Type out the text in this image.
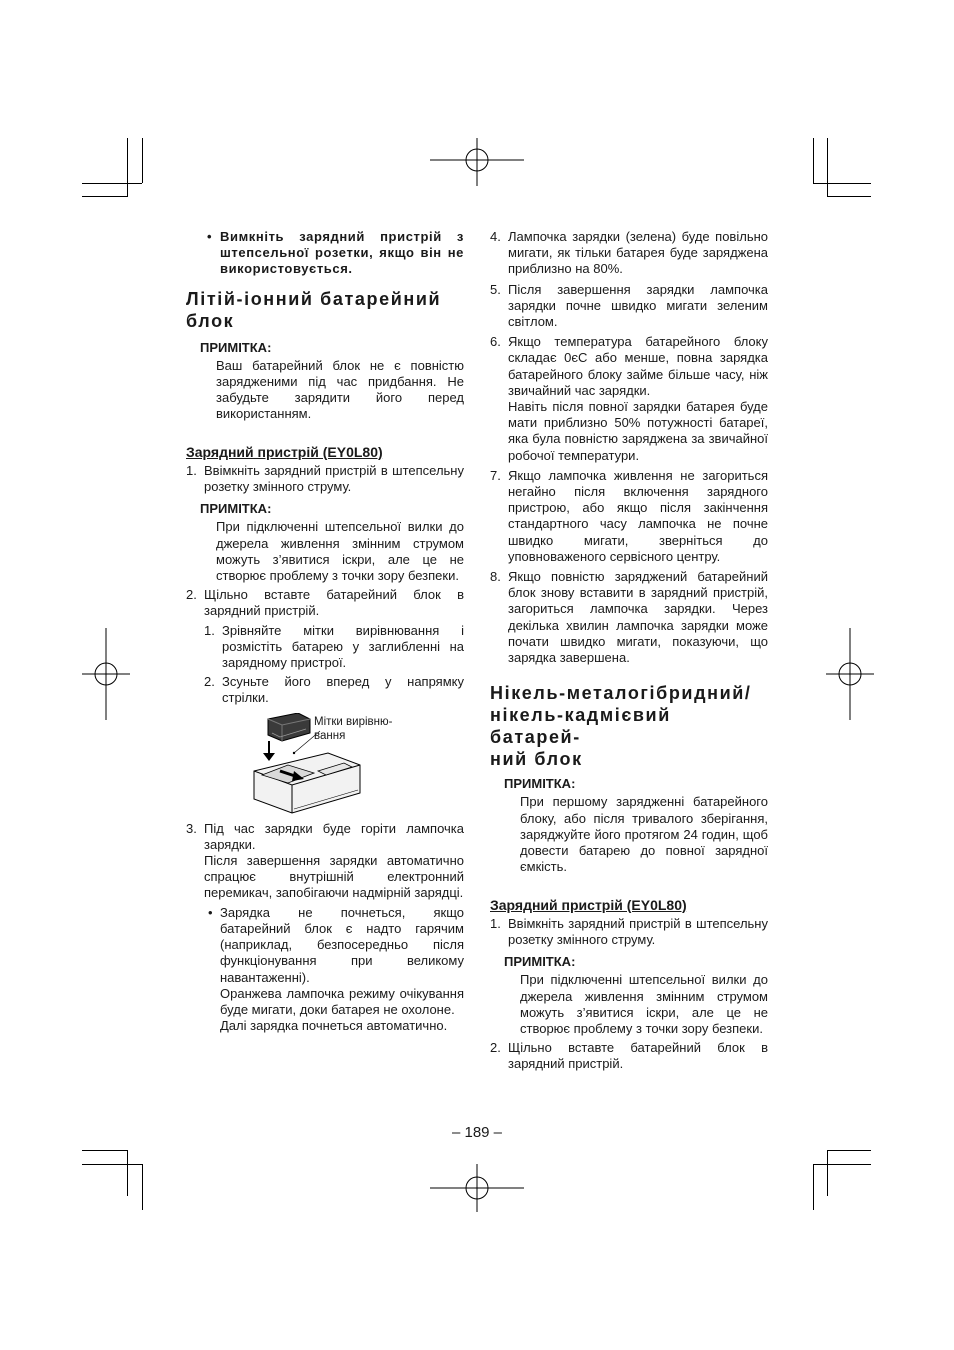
• Вимкніть зарядний пристрій з штепсельної розетки, якщо він не використовується.

Літій-іонний батарейний

блок

ПРИМІТКА:

Ваш батарейний блок не є повністю зарядженими під час придбання. Не забудьте зарядити його перед використанням.

Зарядний пристрій (EY0L80)
1. Ввімкніть зарядний пристрій в штепсельну розетку змінного струму.
ПРИМІТКА:

При підключенні штепсельної вилки до джерела живлення змінним струмом можуть з’явитися іскри, але це не створює проблему з точки зору безпеки.

2. Щільно вставте батарейний блок в зарядний пристрій.
1. Зрівняйте мітки вирівнювання і розмістіть батарею у заглибленні на зарядному пристрої.
2. Зсуньте його вперед у напрямку стрілки.
Мітки вирівню-
вання
3. Під час зарядки буде горіти лампочка зарядки.
Після завершення зарядки автоматично спрацює внутрішній електронний перемикач, запобігаючи надмірній зарядці.
• Зарядка не почнеться, якщо батарейний блок є надто гарячим (наприклад, безпосередньо після функціонування при великому навантаженні).
Оранжева лампочка режиму очікування буде мигати, доки батарея не охолоне.
Далі зарядка почнеться автоматично.
4. Лампочка зарядки (зелена) буде повільно мигати, як тільки батарея буде заряджена приблизно на 80%.
5. Після завершення зарядки лампочка зарядки почне швидко мигати зеленим світлом.
6. Якщо температура батарейного блоку складає 0єC або менше, повна зарядка батарейного блоку займе більше часу, ніж звичайний час зарядки.
Навіть після повної зарядки батарея буде мати приблизно 50% потужності батареї, яка була повністю заряджена за звичайної робочої температури.
7. Якщо лампочка живлення не загориться негайно після включення зарядного пристрою, або якщо після закінчення стандартного часу лампочка не почне швидко мигати, зверніться до уповноваженого сервісного центру.
8. Якщо повністю заряджений батарейний блок знову вставити в зарядний пристрій, загориться лампочка зарядки. Через декілька хвилин лампочка зарядки може почати швидко мигати, показуючи, що зарядка завершена.

Нікель-металогібридний/

нікель-кадмієвий батарей-

ний блок

ПРИМІТКА:

При першому зарядженні батарейного блоку, або після тривалого зберігання, заряджуйте його протягом 24 годин, щоб довести батарею до повної зарядної ємкість.

Зарядний пристрій (EY0L80)
1. Ввімкніть зарядний пристрій в штепсельну розетку змінного струму.
ПРИМІТКА:

При підключенні штепсельної вилки до джерела живлення змінним струмом можуть з’явитися іскри, але це не створює проблему з точки зору безпеки.

2. Щільно вставте батарейний блок в зарядний пристрій.
– 189 –
